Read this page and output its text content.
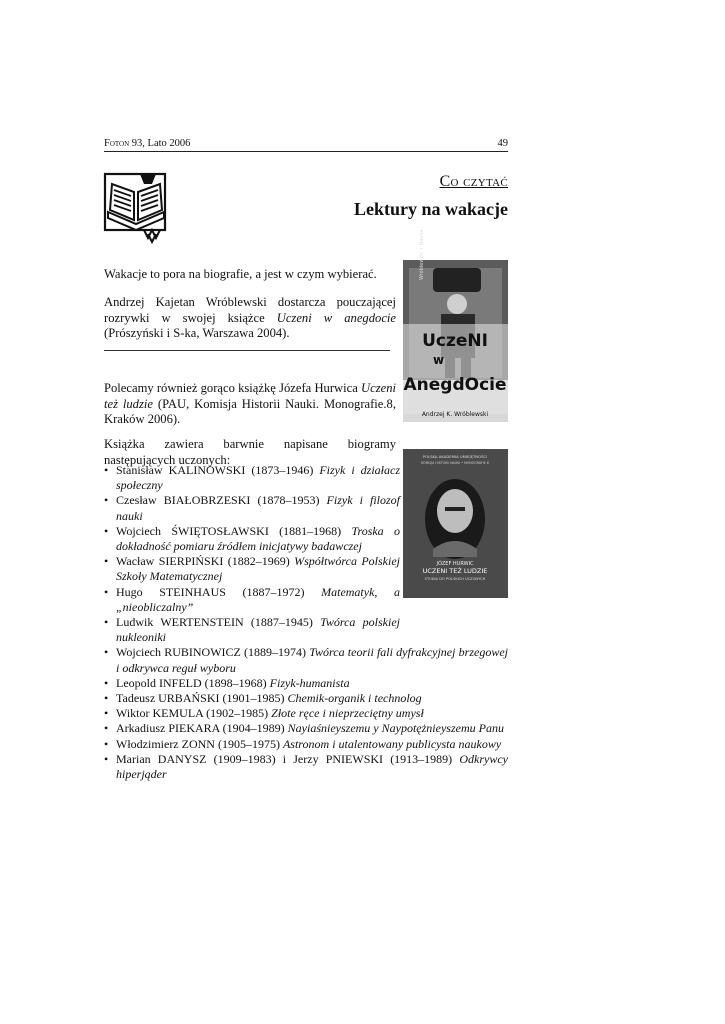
Foton 93, Lato 2006	49
Co czytać
Lektury na wakacje
Wakacje to pora na biografie, a jest w czym wybierać.
Andrzej Kajetan Wróblewski dostarcza pouczającej rozrywki w swojej książce Uczeni w anegdocie (Prószyński i S-ka, Warszawa 2004).
Polecamy również gorąco książkę Józefa Hurwica Uczeni też ludzie (PAU, Komisja Historii Nauki. Monografie.8, Kraków 2006).
Książka zawiera barwnie napisane biogramy następujących uczonych:
Wróblewski • Nauka
UczeNI
w
AnegdOcie
Andrzej K. Wróblewski
POLSKA AKADEMIA UMIEJĘTNOŚCI
KOMISJA HISTORII NAUKI • MONOGRAFIE 8
JÓZEF HURWIC
UCZENI TEŻ LUDZIE
STUDIA DO POLSKICH UCZONYCH
• Stanisław KALINOWSKI (1873–1946) Fizyk i działacz społeczny
• Czesław BIAŁOBRZESKI (1878–1953) Fizyk i filozof nauki
• Wojciech ŚWIĘTOSŁAWSKI (1881–1968) Troska o dokładność pomiaru źródłem inicjatywy badawczej
• Wacław SIERPIŃSKI (1882–1969) Współtwórca Polskiej Szkoły Matematycznej
• Hugo STEINHAUS (1887–1972) Matematyk, a „nieobliczalny”
• Ludwik WERTENSTEIN (1887–1945) Twórca polskiej nukleoniki
• Wojciech RUBINOWICZ (1889–1974) Twórca teorii fali dyfrakcyjnej brzegowej i odkrywca reguł wyboru
• Leopold INFELD (1898–1968) Fizyk-humanista
• Tadeusz URBAŃSKI (1901–1985) Chemik-organik i technolog
• Wiktor KEMULA (1902–1985) Złote ręce i nieprzeciętny umysł
• Arkadiusz PIEKARA (1904–1989) Nayiaśnieyszemu y Naypotężnieyszemu Panu
• Włodzimierz ZONN (1905–1975) Astronom i utalentowany publicysta naukowy
• Marian DANYSZ (1909–1983) i Jerzy PNIEWSKI (1913–1989) Odkrywcy hiperjąder
